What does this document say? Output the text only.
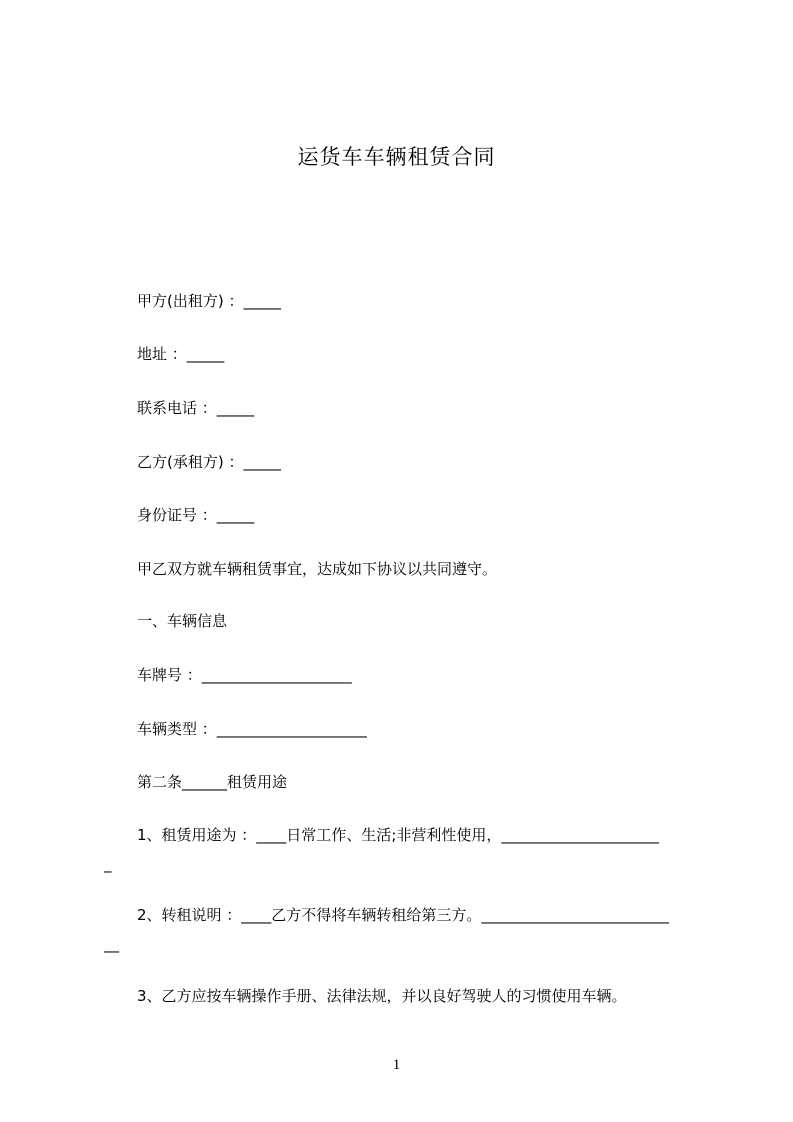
运货车车辆租赁合同
甲方(出租方) ：_____
地址 ：_____
联系电话 ：_____
乙方(承租方) ：_____
身份证号 ：_____
甲乙双方就车辆租赁事宜，达成如下协议以共同遵守。
一、车辆信息
车牌号 ：____________________
车辆类型 ：____________________
第二条______租赁用途
1、租赁用途为 ：____日常工作、生活;非营利性使用，_____________________
_
2、转租说明 ：____乙方不得将车辆转租给第三方。_________________________
__
3、乙方应按车辆操作手册、法律法规，并以良好驾驶人的习惯使用车辆。
1
